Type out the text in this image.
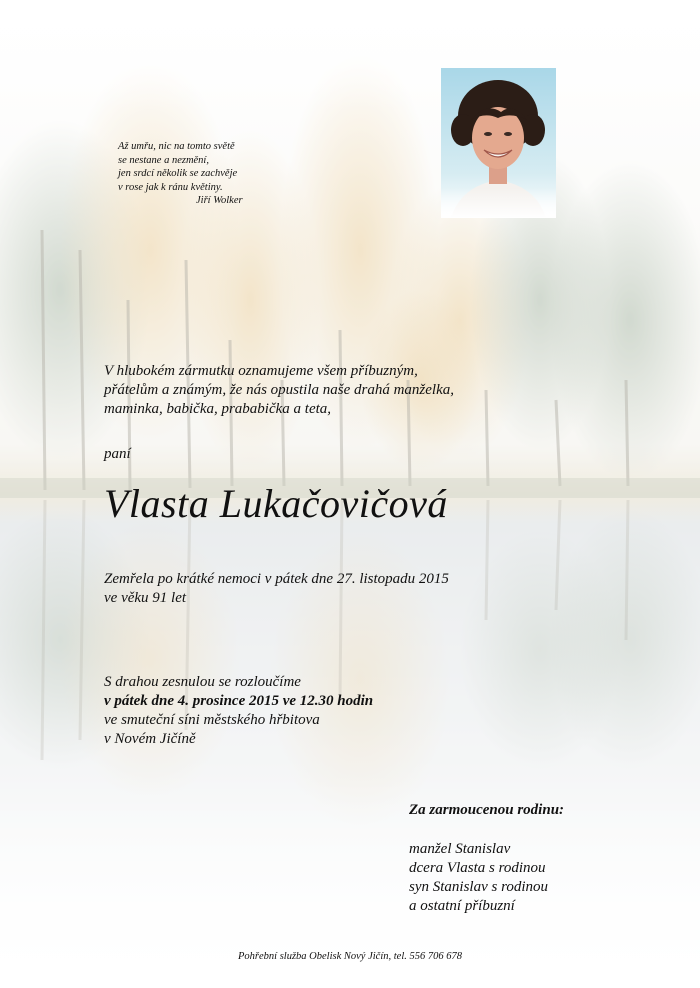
Až umřu, nic na tomto světě
se nestane a nezmění,
jen srdcí několik se zachvěje
v rose jak k ránu květiny.
Jiří Wolker
V hlubokém zármutku oznamujeme všem příbuzným,
přátelům a známým, že nás opustila naše drahá manželka,
maminka, babička, prababička a teta,
paní
Vlasta Lukačovičová
Zemřela po krátké nemoci v pátek dne 27. listopadu 2015
ve věku 91 let
S drahou zesnulou se rozloučíme
v pátek dne 4. prosince 2015 ve 12.30 hodin
ve smuteční síni městského hřbitova
v Novém Jičíně
Za zarmoucenou rodinu:
manžel Stanislav
dcera Vlasta s rodinou
syn Stanislav s rodinou
a ostatní příbuzní
Pohřební služba Obelisk Nový Jičín, tel. 556 706 678
